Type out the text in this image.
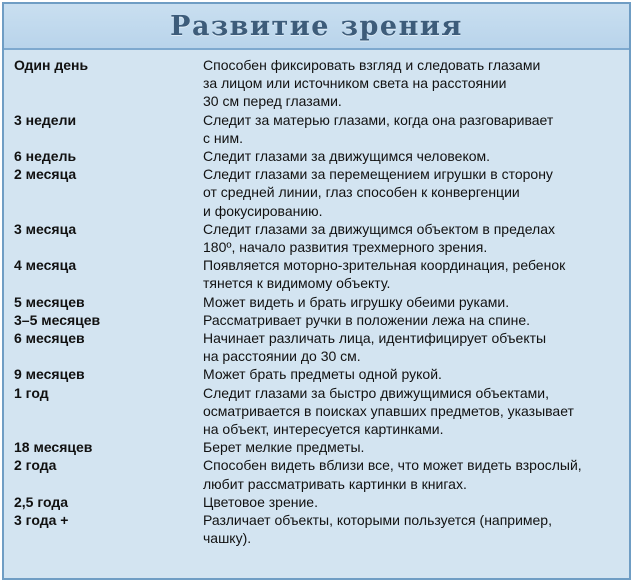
Развитие зрения
Один день	Способен фиксировать взгляд и следовать глазами
за лицом или источником света на расстоянии
30 см перед глазами.
3 недели	Следит за матерью глазами, когда она разговаривает
с ним.
6 недель	Следит глазами за движущимся человеком.
2 месяца	Следит глазами за перемещением игрушки в сторону
от средней линии, глаз способен к конвергенции
и фокусированию.
3 месяца	Следит глазами за движущимся объектом в пределах
180º, начало развития трехмерного зрения.
4 месяца	Появляется моторно-зрительная координация, ребенок
тянется к видимому объекту.
5 месяцев	Может видеть и брать игрушку обеими руками.
3–5 месяцев	Рассматривает ручки в положении лежа на спине.
6 месяцев	Начинает различать лица, идентифицирует объекты
на расстоянии до 30 см.
9 месяцев	Может брать предметы одной рукой.
1 год	Следит глазами за быстро движущимися объектами,
осматривается в поисках упавших предметов, указывает
на объект, интересуется картинками.
18 месяцев	Берет мелкие предметы.
2 года	Способен видеть вблизи все, что может видеть взрослый,
любит рассматривать картинки в книгах.
2,5 года	Цветовое зрение.
3 года +	Различает объекты, которыми пользуется (например,
чашку).
